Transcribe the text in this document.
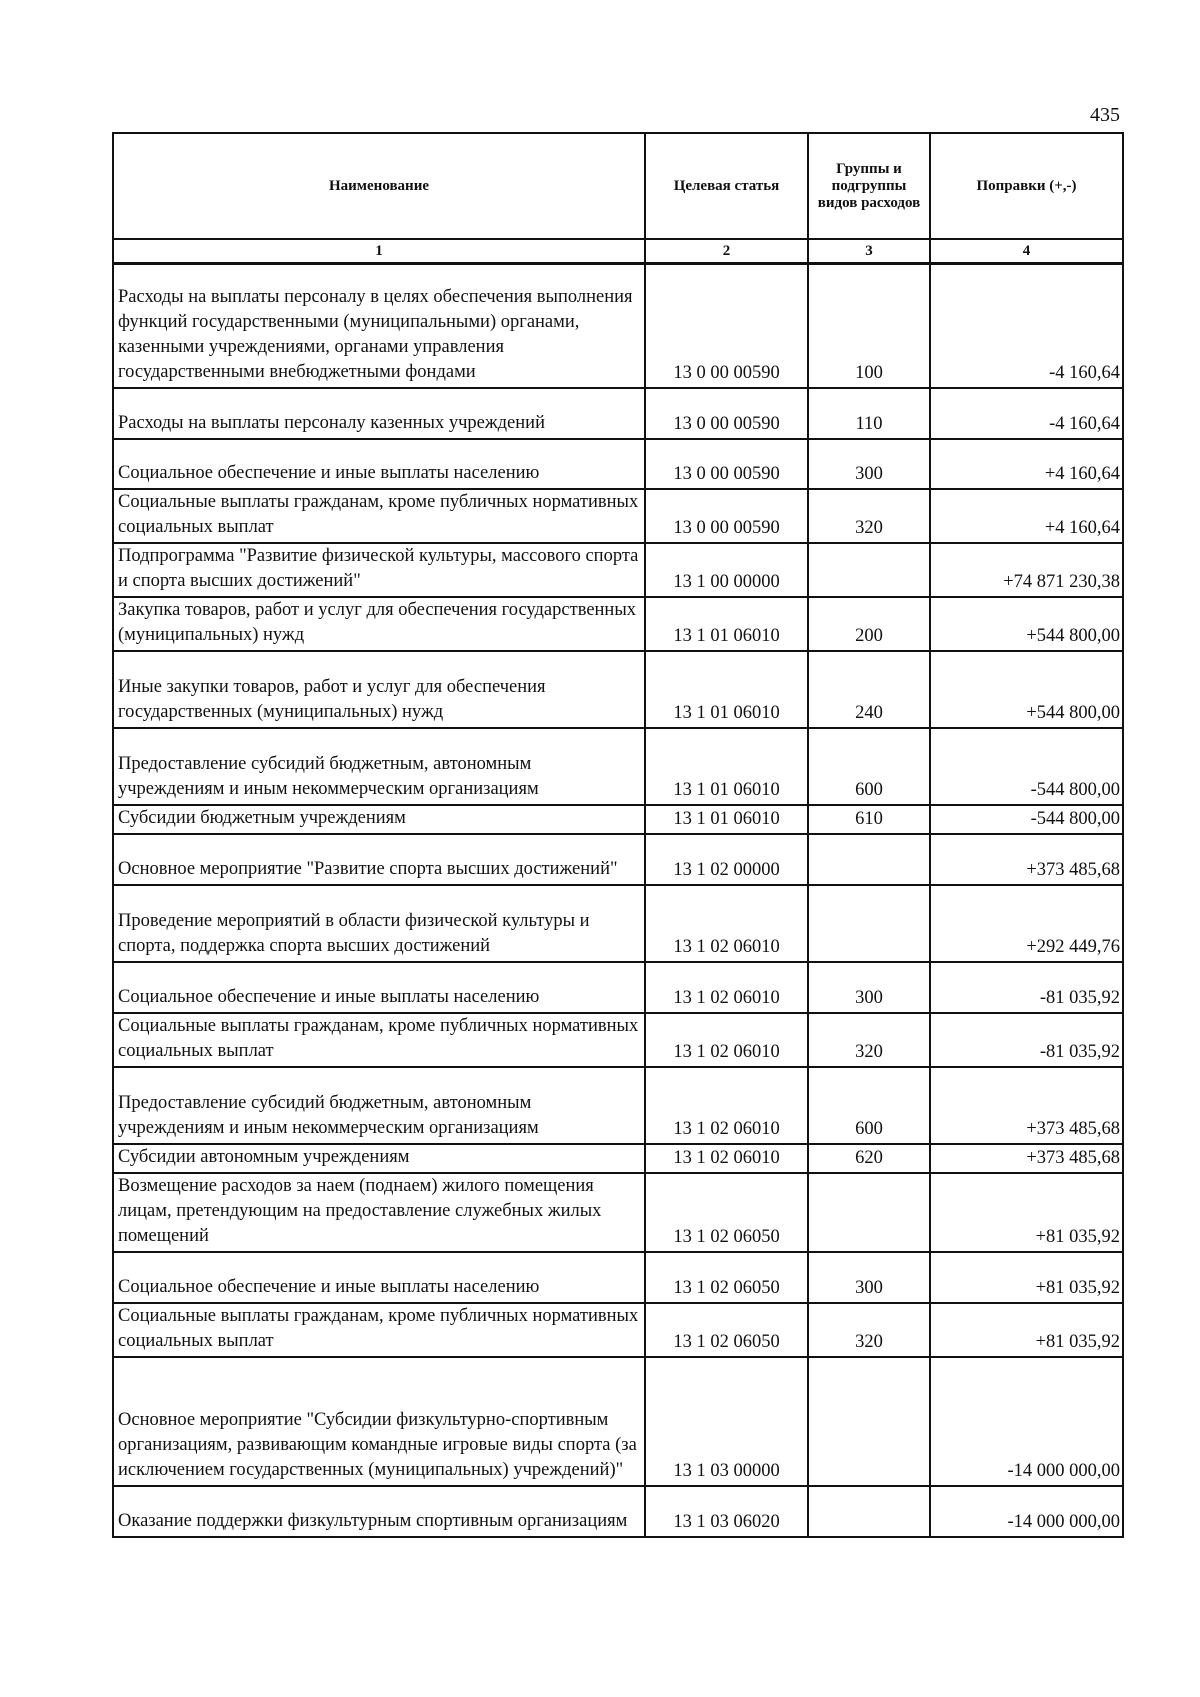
435
Наименование	Целевая статья	Группы и подгруппы видов расходов	Поправки (+,-)
1	2	3	4
Расходы на выплаты персоналу в целях обеспечения выполнения функций государственными (муниципальными) органами, казенными учреждениями, органами управления государственными внебюджетными фондами	13 0 00 00590	100	-4 160,64
Расходы на выплаты персоналу казенных учреждений	13 0 00 00590	110	-4 160,64
Социальное обеспечение и иные выплаты населению	13 0 00 00590	300	+4 160,64
Социальные выплаты гражданам, кроме публичных нормативных социальных выплат	13 0 00 00590	320	+4 160,64
Подпрограмма "Развитие физической культуры, массового спорта и спорта высших достижений"	13 1 00 00000		+74 871 230,38
Закупка товаров, работ и услуг для обеспечения государственных (муниципальных) нужд	13 1 01 06010	200	+544 800,00
Иные закупки товаров, работ и услуг для обеспечения государственных (муниципальных) нужд	13 1 01 06010	240	+544 800,00
Предоставление субсидий бюджетным, автономным учреждениям и иным некоммерческим организациям	13 1 01 06010	600	-544 800,00
Субсидии бюджетным учреждениям	13 1 01 06010	610	-544 800,00
Основное мероприятие "Развитие спорта высших достижений"	13 1 02 00000		+373 485,68
Проведение мероприятий в области физической культуры и спорта, поддержка спорта высших достижений	13 1 02 06010		+292 449,76
Социальное обеспечение и иные выплаты населению	13 1 02 06010	300	-81 035,92
Социальные выплаты гражданам, кроме публичных нормативных социальных выплат	13 1 02 06010	320	-81 035,92
Предоставление субсидий бюджетным, автономным учреждениям и иным некоммерческим организациям	13 1 02 06010	600	+373 485,68
Субсидии автономным учреждениям	13 1 02 06010	620	+373 485,68
Возмещение расходов за наем (поднаем) жилого помещения лицам, претендующим на предоставление служебных жилых помещений	13 1 02 06050		+81 035,92
Социальное обеспечение и иные выплаты населению	13 1 02 06050	300	+81 035,92
Социальные выплаты гражданам, кроме публичных нормативных социальных выплат	13 1 02 06050	320	+81 035,92
Основное мероприятие "Субсидии физкультурно-спортивным организациям, развивающим командные игровые виды спорта (за исключением государственных (муниципальных) учреждений)"	13 1 03 00000		-14 000 000,00
Оказание поддержки физкультурным спортивным организациям	13 1 03 06020		-14 000 000,00
